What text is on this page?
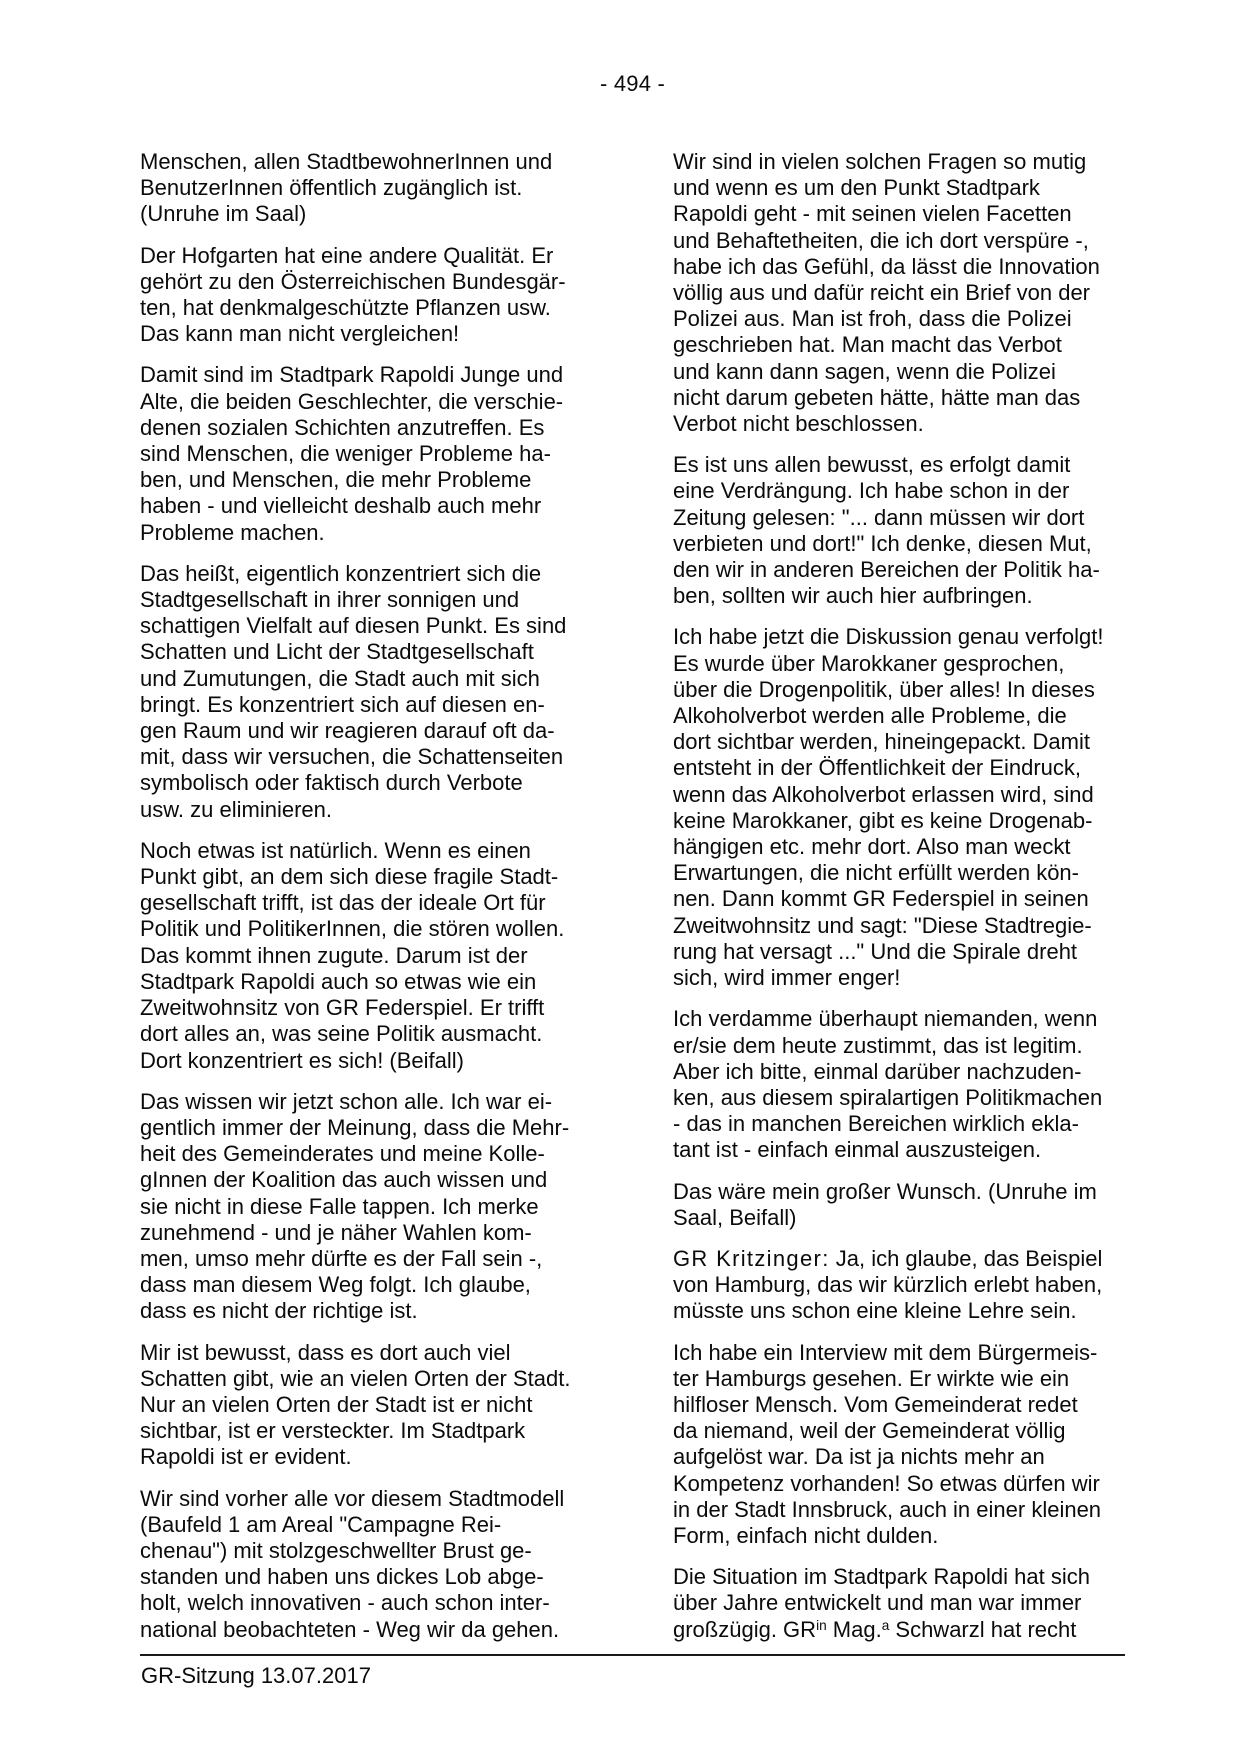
- 494 -

Menschen, allen StadtbewohnerInnen und
BenutzerInnen öffentlich zugänglich ist.
(Unruhe im Saal)

Der Hofgarten hat eine andere Qualität. Er
gehört zu den Österreichischen Bundesgär-
ten, hat denkmalgeschützte Pflanzen usw.
Das kann man nicht vergleichen!

Damit sind im Stadtpark Rapoldi Junge und
Alte, die beiden Geschlechter, die verschie-
denen sozialen Schichten anzutreffen. Es
sind Menschen, die weniger Probleme ha-
ben, und Menschen, die mehr Probleme
haben - und vielleicht deshalb auch mehr
Probleme machen.

Das heißt, eigentlich konzentriert sich die
Stadtgesellschaft in ihrer sonnigen und
schattigen Vielfalt auf diesen Punkt. Es sind
Schatten und Licht der Stadtgesellschaft
und Zumutungen, die Stadt auch mit sich
bringt. Es konzentriert sich auf diesen en-
gen Raum und wir reagieren darauf oft da-
mit, dass wir versuchen, die Schattenseiten
symbolisch oder faktisch durch Verbote
usw. zu eliminieren.

Noch etwas ist natürlich. Wenn es einen
Punkt gibt, an dem sich diese fragile Stadt-
gesellschaft trifft, ist das der ideale Ort für
Politik und PolitikerInnen, die stören wollen.
Das kommt ihnen zugute. Darum ist der
Stadtpark Rapoldi auch so etwas wie ein
Zweitwohnsitz von GR Federspiel. Er trifft
dort alles an, was seine Politik ausmacht.
Dort konzentriert es sich! (Beifall)

Das wissen wir jetzt schon alle. Ich war ei-
gentlich immer der Meinung, dass die Mehr-
heit des Gemeinderates und meine Kolle-
gInnen der Koalition das auch wissen und
sie nicht in diese Falle tappen. Ich merke
zunehmend - und je näher Wahlen kom-
men, umso mehr dürfte es der Fall sein -,
dass man diesem Weg folgt. Ich glaube,
dass es nicht der richtige ist.

Mir ist bewusst, dass es dort auch viel
Schatten gibt, wie an vielen Orten der Stadt.
Nur an vielen Orten der Stadt ist er nicht
sichtbar, ist er versteckter. Im Stadtpark
Rapoldi ist er evident.

Wir sind vorher alle vor diesem Stadtmodell
(Baufeld 1 am Areal "Campagne Rei-
chenau") mit stolzgeschwellter Brust ge-
standen und haben uns dickes Lob abge-
holt, welch innovativen - auch schon inter-
national beobachteten - Weg wir da gehen.

Wir sind in vielen solchen Fragen so mutig
und wenn es um den Punkt Stadtpark
Rapoldi geht - mit seinen vielen Facetten
und Behaftetheiten, die ich dort verspüre -,
habe ich das Gefühl, da lässt die Innovation
völlig aus und dafür reicht ein Brief von der
Polizei aus. Man ist froh, dass die Polizei
geschrieben hat. Man macht das Verbot
und kann dann sagen, wenn die Polizei
nicht darum gebeten hätte, hätte man das
Verbot nicht beschlossen.

Es ist uns allen bewusst, es erfolgt damit
eine Verdrängung. Ich habe schon in der
Zeitung gelesen: "... dann müssen wir dort
verbieten und dort!" Ich denke, diesen Mut,
den wir in anderen Bereichen der Politik ha-
ben, sollten wir auch hier aufbringen.

Ich habe jetzt die Diskussion genau verfolgt!
Es wurde über Marokkaner gesprochen,
über die Drogenpolitik, über alles! In dieses
Alkoholverbot werden alle Probleme, die
dort sichtbar werden, hineingepackt. Damit
entsteht in der Öffentlichkeit der Eindruck,
wenn das Alkoholverbot erlassen wird, sind
keine Marokkaner, gibt es keine Drogenab-
hängigen etc. mehr dort. Also man weckt
Erwartungen, die nicht erfüllt werden kön-
nen. Dann kommt GR Federspiel in seinen
Zweitwohnsitz und sagt: "Diese Stadtregie-
rung hat versagt ..." Und die Spirale dreht
sich, wird immer enger!

Ich verdamme überhaupt niemanden, wenn
er/sie dem heute zustimmt, das ist legitim.
Aber ich bitte, einmal darüber nachzuden-
ken, aus diesem spiralartigen Politikmachen
- das in manchen Bereichen wirklich ekla-
tant ist - einfach einmal auszusteigen.

Das wäre mein großer Wunsch. (Unruhe im
Saal, Beifall)

GR Kritzinger: Ja, ich glaube, das Beispiel
von Hamburg, das wir kürzlich erlebt haben,
müsste uns schon eine kleine Lehre sein.

Ich habe ein Interview mit dem Bürgermeis-
ter Hamburgs gesehen. Er wirkte wie ein
hilfloser Mensch. Vom Gemeinderat redet
da niemand, weil der Gemeinderat völlig
aufgelöst war. Da ist ja nichts mehr an
Kompetenz vorhanden! So etwas dürfen wir
in der Stadt Innsbruck, auch in einer kleinen
Form, einfach nicht dulden.

Die Situation im Stadtpark Rapoldi hat sich
über Jahre entwickelt und man war immer
großzügig. $GR^{in}$ Mag.$^a$ Schwarzl hat recht

GR-Sitzung 13.07.2017
